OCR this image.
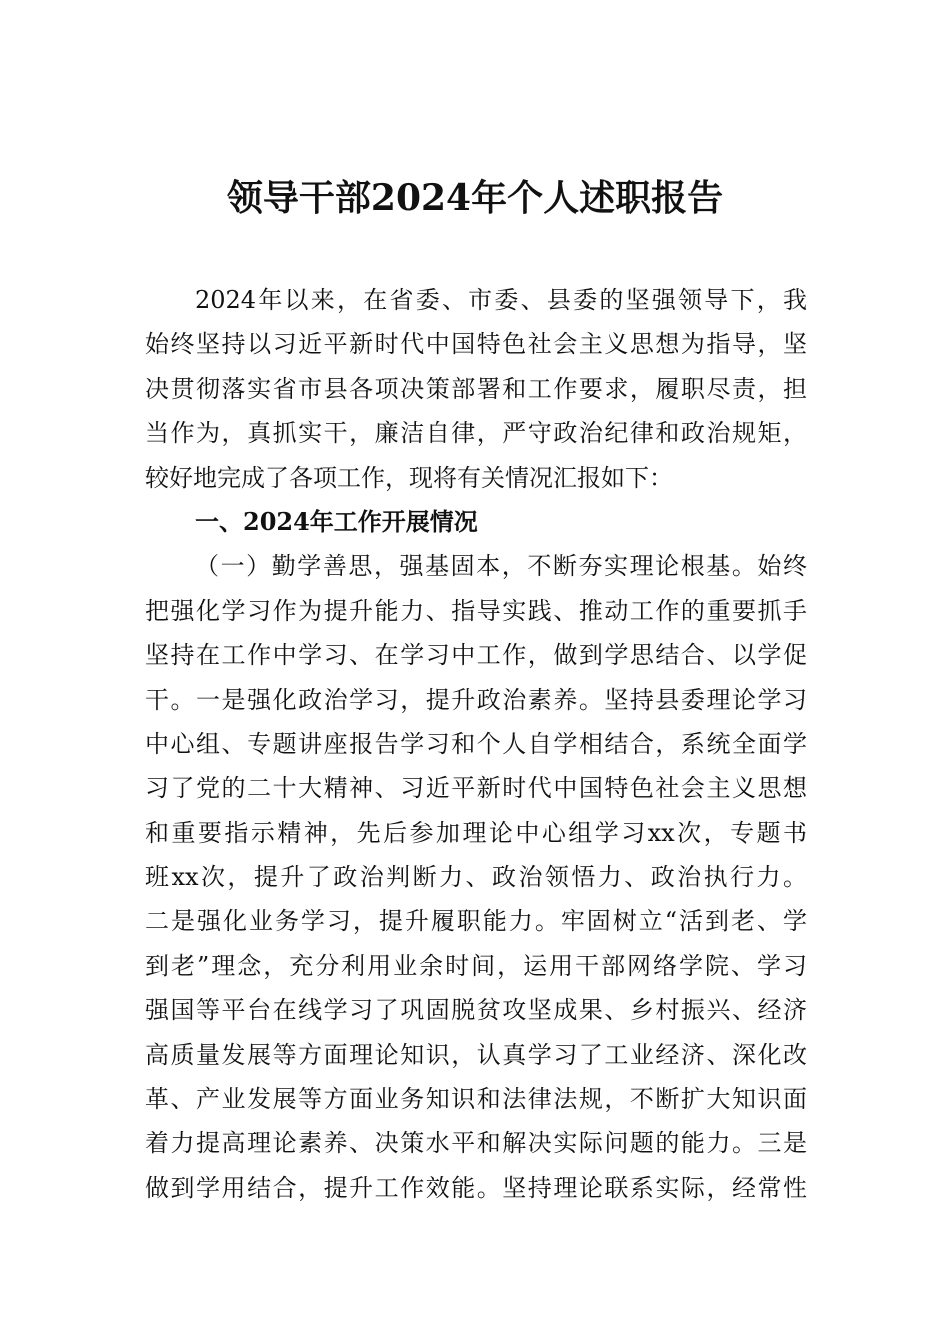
领导干部2024年个人述职报告
2024年以来，在省委、市委、县委的坚强领导下，我
始终坚持以习近平新时代中国特色社会主义思想为指导，坚
决贯彻落实省市县各项决策部署和工作要求，履职尽责，担
当作为，真抓实干，廉洁自律，严守政治纪律和政治规矩，
较好地完成了各项工作，现将有关情况汇报如下：
一、2024年工作开展情况
（一）勤学善思，强基固本，不断夯实理论根基。始终
把强化学习作为提升能力、指导实践、推动工作的重要抓手
坚持在工作中学习、在学习中工作，做到学思结合、以学促
干。一是强化政治学习，提升政治素养。坚持县委理论学习
中心组、专题讲座报告学习和个人自学相结合，系统全面学
习了党的二十大精神、习近平新时代中国特色社会主义思想
和重要指示精神，先后参加理论中心组学习xx次，专题书
班xx次，提升了政治判断力、政治领悟力、政治执行力。
二是强化业务学习，提升履职能力。牢固树立“活到老、学
到老”理念，充分利用业余时间，运用干部网络学院、学习
强国等平台在线学习了巩固脱贫攻坚成果、乡村振兴、经济
高质量发展等方面理论知识，认真学习了工业经济、深化改
革、产业发展等方面业务知识和法律法规，不断扩大知识面
着力提高理论素养、决策水平和解决实际问题的能力。三是
做到学用结合，提升工作效能。坚持理论联系实际，经常性
